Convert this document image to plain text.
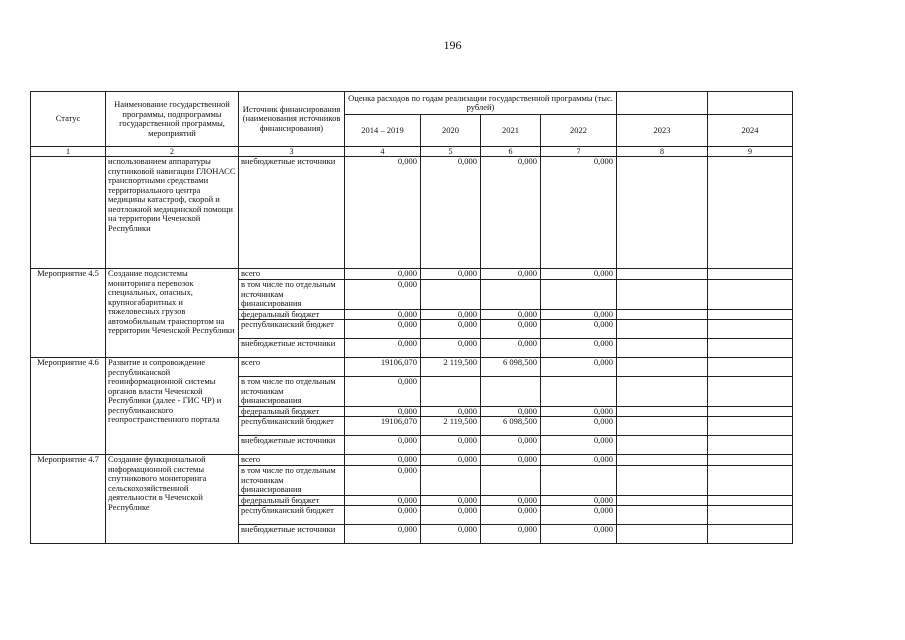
196
Статус	Наименование государственной программы, подпрограммы государственной программы, мероприятий	Источник финансирования (наименования источников финансирования)	Оценка расходов по годам реализации государственной программы (тыс. рублей)					
			2014 – 2019	2020	2021	2022	2023	2024
1	2	3	4	5	6	7	8	9
	использованием аппаратуры спутниковой навигации ГЛОНАСС транспортными средствами территориального центра медицины катастроф, скорой и неотложной медицинской помощи на территории Чеченской Республики	внебюджетные источники	0,000	0,000	0,000	0,000		
Мероприятие 4.5	Создание подсистемы мониторинга перевозок специальных, опасных, крупногабаритных и тяжеловесных грузов автомобильным транспортом на территории Чеченской Республики	всего	0,000	0,000	0,000	0,000		
		в том числе по отдельным источникам финансирования	0,000					
		федеральный бюджет	0,000	0,000	0,000	0,000		
		республиканский бюджет	0,000	0,000	0,000	0,000		
		внебюджетные источники	0,000	0,000	0,000	0,000		
Мероприятие 4.6	Развитие и сопровождение республиканской геоинформационной системы органов власти Чеченской Республики (далее - ГИС ЧР) и республиканского геопространственного портала	всего	19106,070	2 119,500	6 098,500	0,000		
		в том числе по отдельным источникам финансирования	0,000					
		федеральный бюджет	0,000	0,000	0,000	0,000		
		республиканский бюджет	19106,070	2 119,500	6 098,500	0,000		
		внебюджетные источники	0,000	0,000	0,000	0,000		
Мероприятие 4.7	Создание функциональной информационной системы спутникового мониторинга сельскохозяйственной деятельности в Чеченской Республике	всего	0,000	0,000	0,000	0,000		
		в том числе по отдельным источникам финансирования	0,000					
		федеральный бюджет	0,000	0,000	0,000	0,000		
		республиканский бюджет	0,000	0,000	0,000	0,000		
		внебюджетные источники	0,000	0,000	0,000	0,000		
